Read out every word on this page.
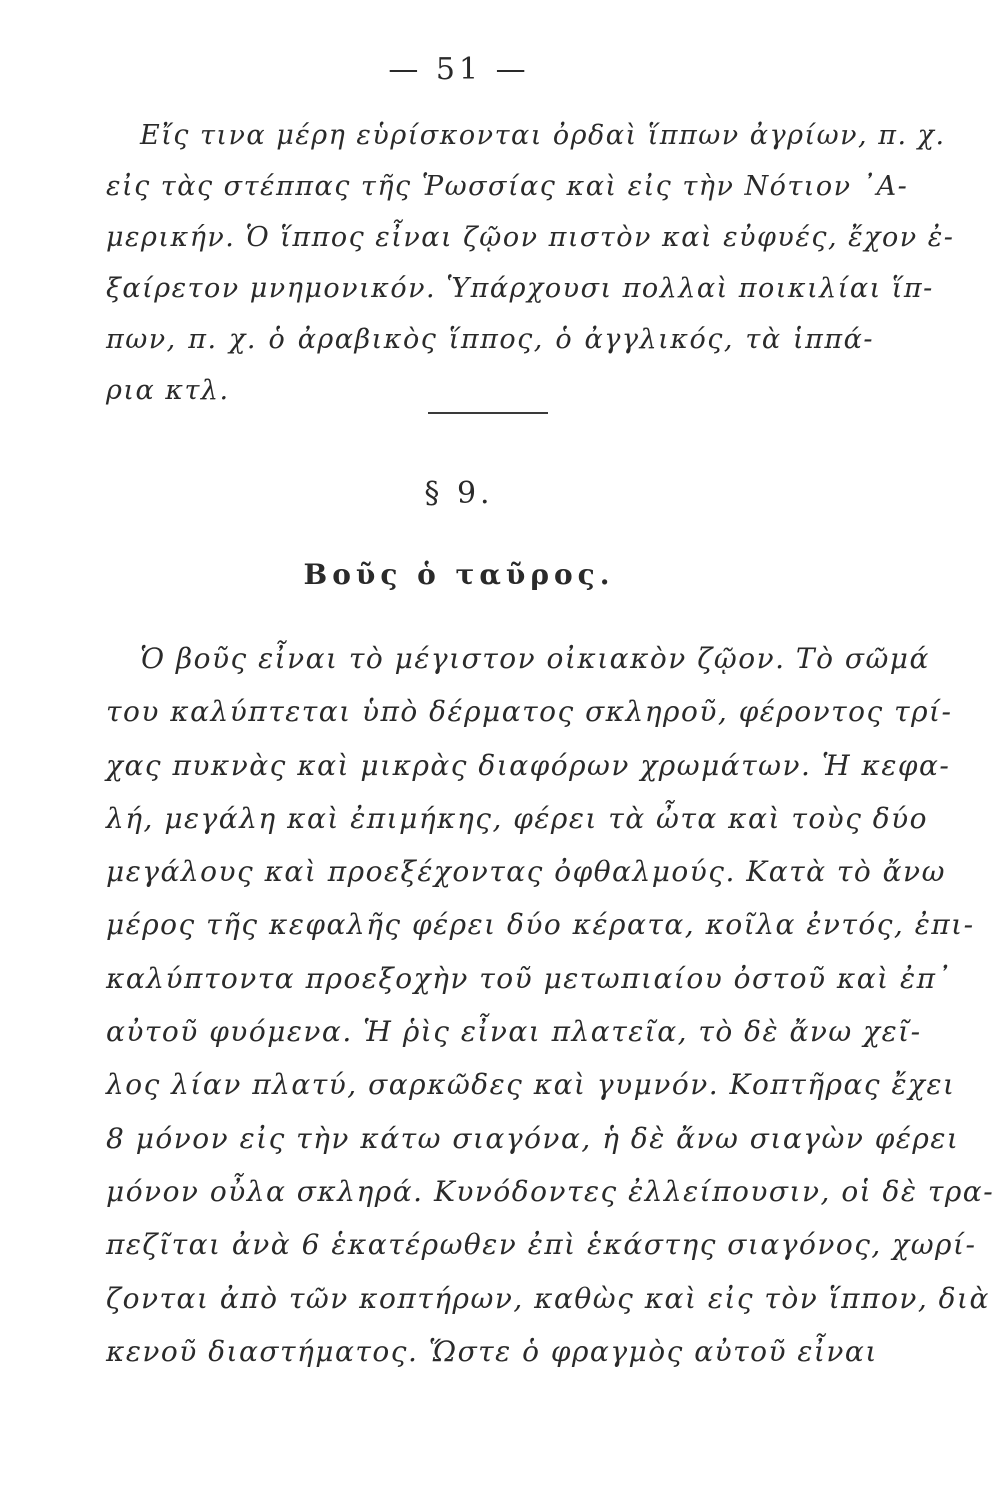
— 51 —
Εἴς τινα μέρη εὑρίσκονται ὀρδαὶ ἵππων ἀγρίων, π. χ.
εἰς τὰς στέππας τῆς Ῥωσσίας καὶ εἰς τὴν Νότιον ᾿Α-
μερικήν. Ὁ ἵππος εἶναι ζῷον πιστὸν καὶ εὐφυές, ἔχον ἐ-
ξαίρετον μνημονικόν. Ὑπάρχουσι πολλαὶ ποικιλίαι ἵπ-
πων, π. χ. ὁ ἀραβικὸς ἵππος, ὁ ἀγγλικός, τὰ ἱππά-
ρια κτλ.
§ 9.
Βοῦς ὁ ταῦρος.
Ὁ βοῦς εἶναι τὸ μέγιστον οἰκιακὸν ζῷον. Τὸ σῶμά
του καλύπτεται ὑπὸ δέρματος σκληροῦ, φέροντος τρί-
χας πυκνὰς καὶ μικρὰς διαφόρων χρωμάτων. Ἡ κεφα-
λή, μεγάλη καὶ ἐπιμήκης, φέρει τὰ ὦτα καὶ τοὺς δύο
μεγάλους καὶ προεξέχοντας ὀφθαλμούς. Κατὰ τὸ ἄνω
μέρος τῆς κεφαλῆς φέρει δύο κέρατα, κοῖλα ἐντός, ἐπι-
καλύπτοντα προεξοχὴν τοῦ μετωπιαίου ὀστοῦ καὶ ἐπ᾿
αὐτοῦ φυόμενα. Ἡ ῥὶς εἶναι πλατεῖα, τὸ δὲ ἄνω χεῖ-
λος λίαν πλατύ, σαρκῶδες καὶ γυμνόν. Κοπτῆρας ἔχει
8 μόνον εἰς τὴν κάτω σιαγόνα, ἡ δὲ ἄνω σιαγὼν φέρει
μόνον οὖλα σκληρά. Κυνόδοντες ἐλλείπουσιν, οἱ δὲ τρα-
πεζῖται ἀνὰ 6 ἑκατέρωθεν ἐπὶ ἑκάστης σιαγόνος, χωρί-
ζονται ἀπὸ τῶν κοπτήρων, καθὼς καὶ εἰς τὸν ἵππον, διὰ
κενοῦ διαστήματος. Ὥστε ὁ φραγμὸς αὐτοῦ εἶναι
